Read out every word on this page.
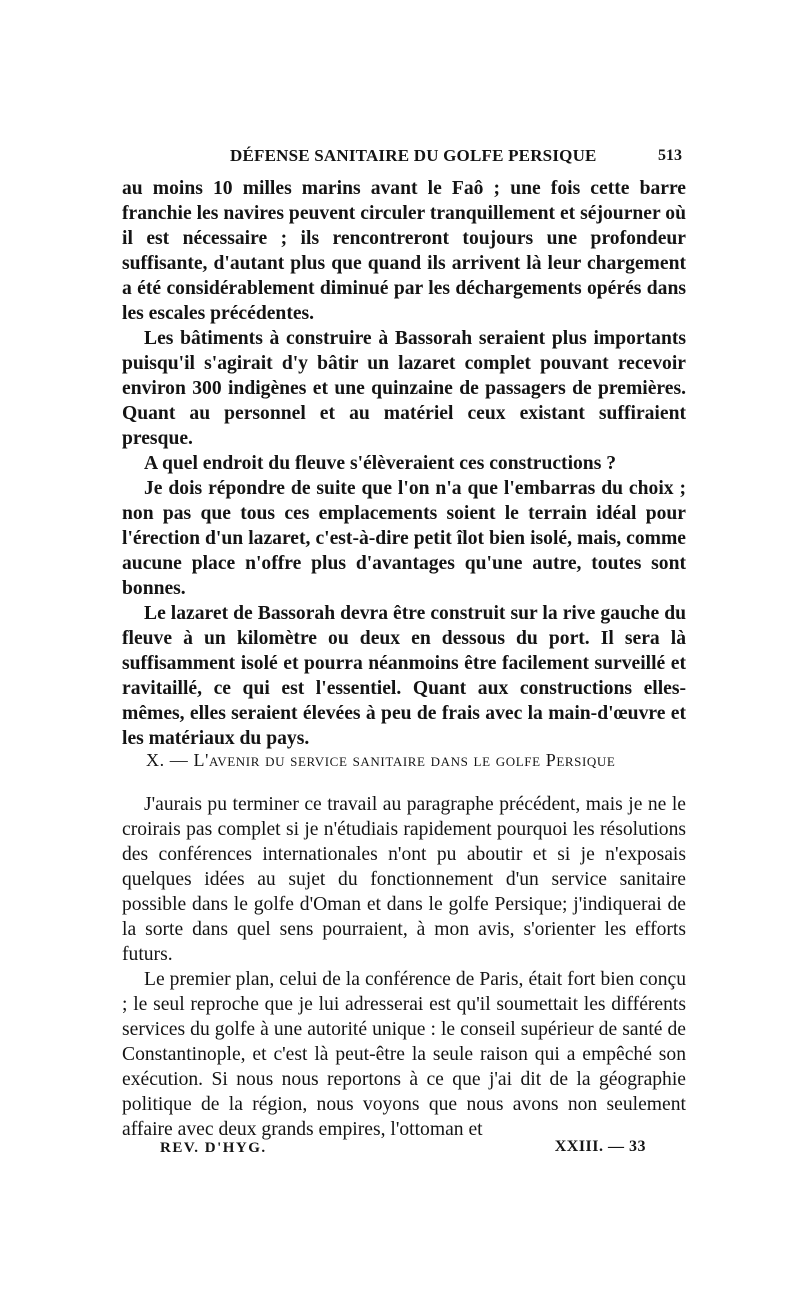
DÉFENSE SANITAIRE DU GOLFE PERSIQUE	513

au moins 10 milles marins avant le Faô ; une fois cette barre franchie les navires peuvent circuler tranquillement et séjourner où il est nécessaire ; ils rencontreront toujours une profondeur suffisante, d'autant plus que quand ils arrivent là leur chargement a été considérablement diminué par les déchargements opérés dans les escales précédentes.

Les bâtiments à construire à Bassorah seraient plus importants puisqu'il s'agirait d'y bâtir un lazaret complet pouvant recevoir environ 300 indigènes et une quinzaine de passagers de premières. Quant au personnel et au matériel ceux existant suffiraient presque.

A quel endroit du fleuve s'élèveraient ces constructions ?

Je dois répondre de suite que l'on n'a que l'embarras du choix ; non pas que tous ces emplacements soient le terrain idéal pour l'érection d'un lazaret, c'est-à-dire petit îlot bien isolé, mais, comme aucune place n'offre plus d'avantages qu'une autre, toutes sont bonnes.

Le lazaret de Bassorah devra être construit sur la rive gauche du fleuve à un kilomètre ou deux en dessous du port. Il sera là suffisamment isolé et pourra néanmoins être facilement surveillé et ravitaillé, ce qui est l'essentiel. Quant aux constructions elles-mêmes, elles seraient élevées à peu de frais avec la main-d'œuvre et les matériaux du pays.

X. — L'avenir du service sanitaire dans le golfe Persique

J'aurais pu terminer ce travail au paragraphe précédent, mais je ne le croirais pas complet si je n'étudiais rapidement pourquoi les résolutions des conférences internationales n'ont pu aboutir et si je n'exposais quelques idées au sujet du fonctionnement d'un service sanitaire possible dans le golfe d'Oman et dans le golfe Persique; j'indiquerai de la sorte dans quel sens pourraient, à mon avis, s'orienter les efforts futurs.

Le premier plan, celui de la conférence de Paris, était fort bien conçu ; le seul reproche que je lui adresserai est qu'il soumettait les différents services du golfe à une autorité unique : le conseil supérieur de santé de Constantinople, et c'est là peut-être la seule raison qui a empêché son exécution. Si nous nous reportons à ce que j'ai dit de la géographie politique de la région, nous voyons que nous avons non seulement affaire avec deux grands empires, l'ottoman et

REV. D'HYG.	XXIII. — 33
